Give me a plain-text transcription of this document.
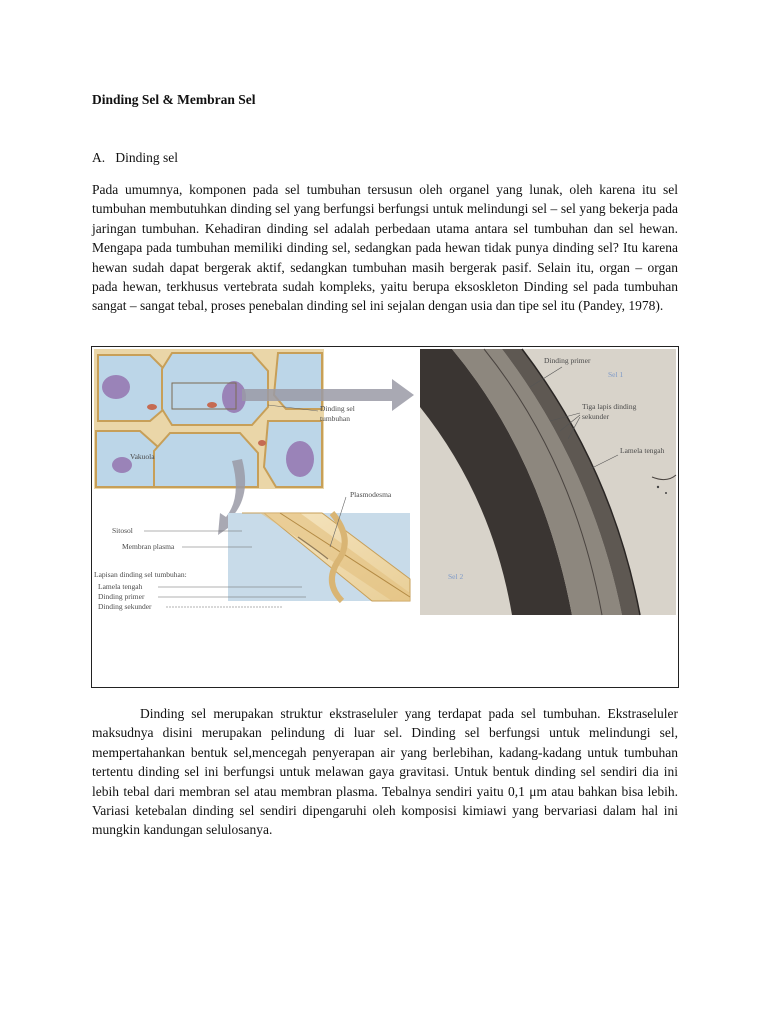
Dinding Sel & Membran Sel
A. Dinding sel

Pada umumnya, komponen pada sel tumbuhan tersusun oleh organel yang lunak, oleh karena itu sel tumbuhan membutuhkan dinding sel yang berfungsi berfungsi untuk melindungi sel – sel yang bekerja pada jaringan tumbuhan. Kehadiran dinding sel adalah perbedaan utama antara sel tumbuhan dan sel hewan. Mengapa pada tumbuhan memiliki dinding sel, sedangkan pada hewan tidak punya dinding sel? Itu karena hewan sudah dapat bergerak aktif, sedangkan tumbuhan masih bergerak pasif. Selain itu, organ – organ pada hewan, terkhusus vertebrata sudah kompleks, yaitu berupa eksoskleton Dinding sel pada tumbuhan sangat – sangat tebal, proses penebalan dinding sel ini sejalan dengan usia dan tipe sel itu (Pandey, 1978).

Vakuola
Dinding sel
tumbuhan
Plasmodesma
Sitosol
Membran plasma
Lapisan dinding sel tumbuhan:
Lamela tengah
Dinding primer
Dinding sekunder
Dinding primer
Sel 1
Tiga lapis dinding
sekunder
Lamela tengah
Sel 2

Dinding sel merupakan struktur ekstraseluler yang terdapat pada sel tumbuhan. Ekstraseluler maksudnya disini merupakan pelindung di luar sel. Dinding sel berfungsi untuk melindungi sel, mempertahankan bentuk sel,mencegah penyerapan air yang berlebihan, kadang-kadang untuk tumbuhan tertentu dinding sel ini berfungsi untuk melawan gaya gravitasi. Untuk bentuk dinding sel sendiri dia ini lebih tebal dari membran sel atau membran plasma. Tebalnya sendiri yaitu 0,1 μm atau bahkan bisa lebih. Variasi ketebalan dinding sel sendiri dipengaruhi oleh komposisi kimiawi yang bervariasi dalam hal ini mungkin kandungan selulosanya.
